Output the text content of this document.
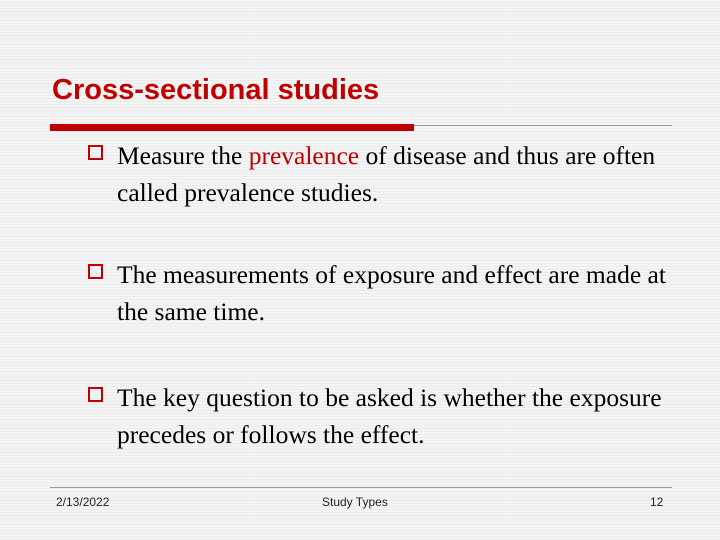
Cross-sectional studies
Measure the prevalence of disease and thus are often called prevalence studies.
The measurements of exposure and effect are made at the same time.
The key question to be asked is whether the exposure precedes or follows the effect.
2/13/2022	Study Types	12
